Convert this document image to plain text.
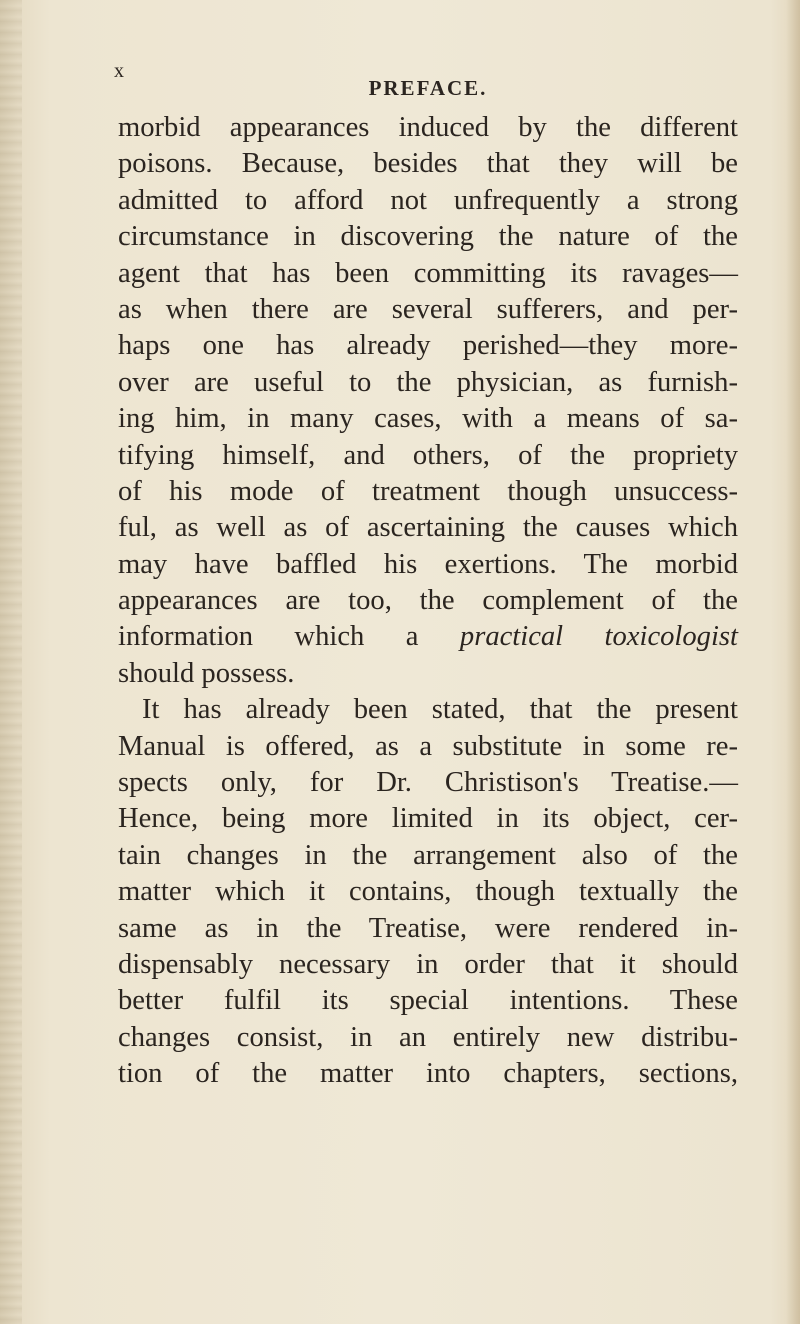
x
PREFACE.
morbid appearances induced by the different
poisons. Because, besides that they will be
admitted to afford not unfrequently a strong
circumstance in discovering the nature of the
agent that has been committing its ravages—
as when there are several sufferers, and per-
haps one has already perished—they more-
over are useful to the physician, as furnish-
ing him, in many cases, with a means of sa-
tifying himself, and others, of the propriety
of his mode of treatment though unsuccess-
ful, as well as of ascertaining the causes which
may have baffled his exertions. The morbid
appearances are too, the complement of the
information which a practical toxicologist
should possess.
It has already been stated, that the present
Manual is offered, as a substitute in some re-
spects only, for Dr. Christison's Treatise.—
Hence, being more limited in its object, cer-
tain changes in the arrangement also of the
matter which it contains, though textually the
same as in the Treatise, were rendered in-
dispensably necessary in order that it should
better fulfil its special intentions. These
changes consist, in an entirely new distribu-
tion of the matter into chapters, sections,
